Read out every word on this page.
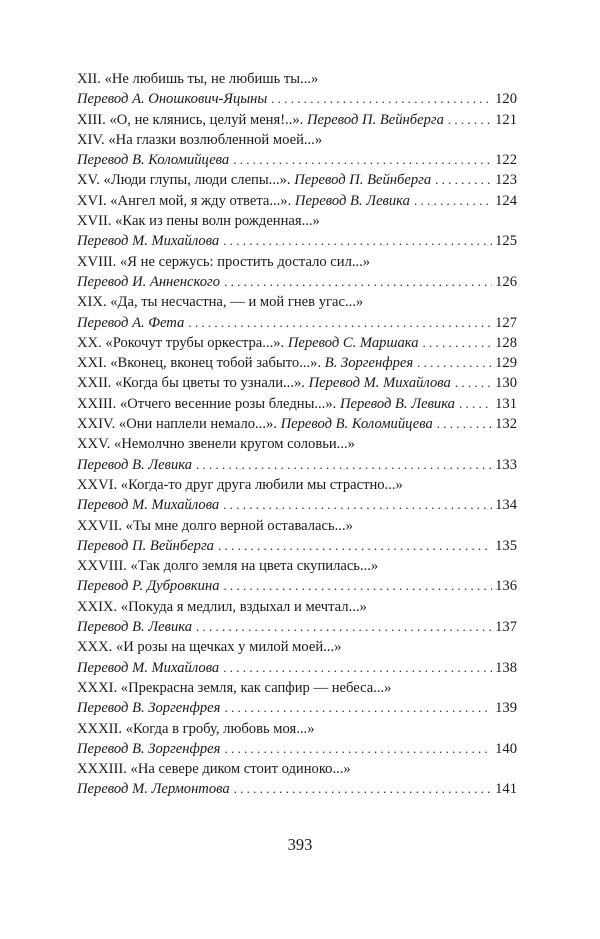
XII. «Не любишь ты, не любишь ты...»
Перевод А. Оношкович-Яцыны . . .	120
XIII. «О, не клянись, целуй меня!..». Перевод П. Вейнберга . . .	121
XIV. «На глазки возлюбленной моей...»
Перевод В. Коломийцева . . .	122
XV. «Люди глупы, люди слепы...». Перевод П. Вейнберга . . .	123
XVI. «Ангел мой, я жду ответа...». Перевод В. Левика . . .	124
XVII. «Как из пены волн рожденная...»
Перевод М. Михайлова . . .	125
XVIII. «Я не сержусь: простить достало сил...»
Перевод И. Анненского . . .	126
XIX. «Да, ты несчастна, — и мой гнев угас...»
Перевод А. Фета . . .	127
XX. «Рокочут трубы оркестра...». Перевод С. Маршака . . .	128
XXI. «Вконец, вконец тобой забыто...». В. Зоргенфрея . . .	129
XXII. «Когда бы цветы то узнали...». Перевод М. Михайлова . . .	130
XXIII. «Отчего весенние розы бледны...». Перевод В. Левика . . .	131
XXIV. «Они наплели немало...». Перевод В. Коломийцева . . .	132
XXV. «Немолчно звенели кругом соловьи...»
Перевод В. Левика . . .	133
XXVI. «Когда-то друг друга любили мы страстно...»
Перевод М. Михайлова . . .	134
XXVII. «Ты мне долго верной оставалась...»
Перевод П. Вейнберга . . .	135
XXVIII. «Так долго земля на цвета скупилась...»
Перевод Р. Дубровкина . . .	136
XXIX. «Покуда я медлил, вздыхал и мечтал...»
Перевод В. Левика . . .	137
XXX. «И розы на щечках у милой моей...»
Перевод М. Михайлова . . .	138
XXXI. «Прекрасна земля, как сапфир — небеса...»
Перевод В. Зоргенфрея . . .	139
XXXII. «Когда в гробу, любовь моя...»
Перевод В. Зоргенфрея . . .	140
XXXIII. «На севере диком стоит одиноко...»
Перевод М. Лермонтова . . .	141
393
